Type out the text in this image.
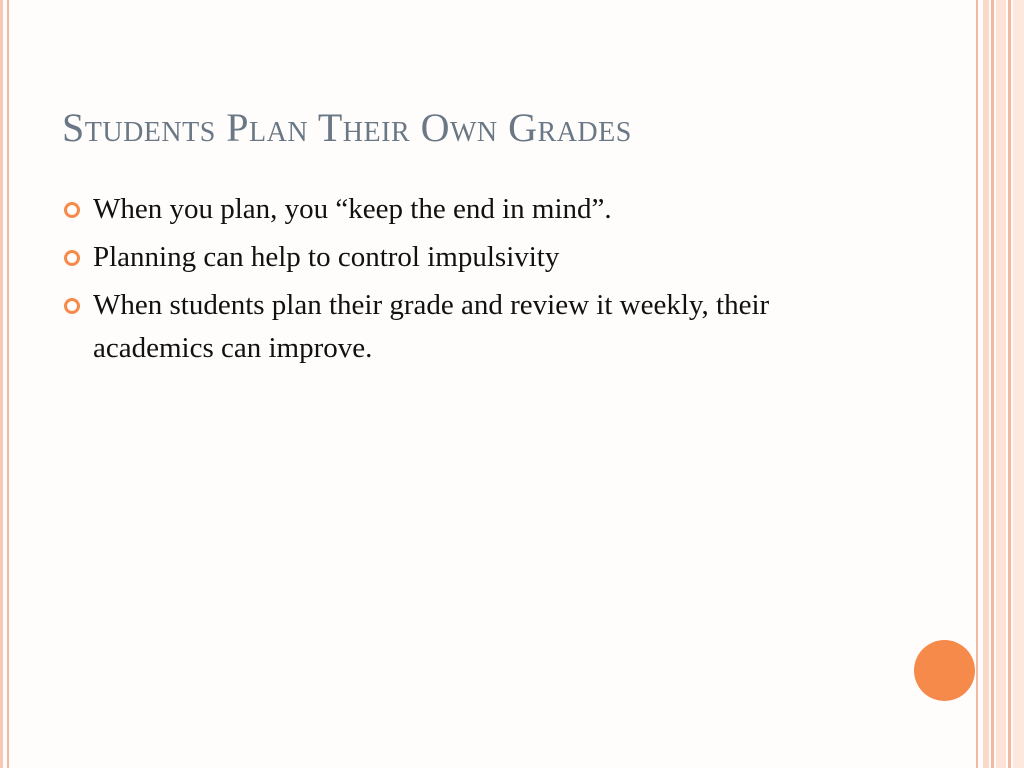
Students Plan Their Own Grades
When you plan, you “keep the end in mind”.
Planning can help to control impulsivity
When students plan their grade and review it weekly, their academics can improve.
